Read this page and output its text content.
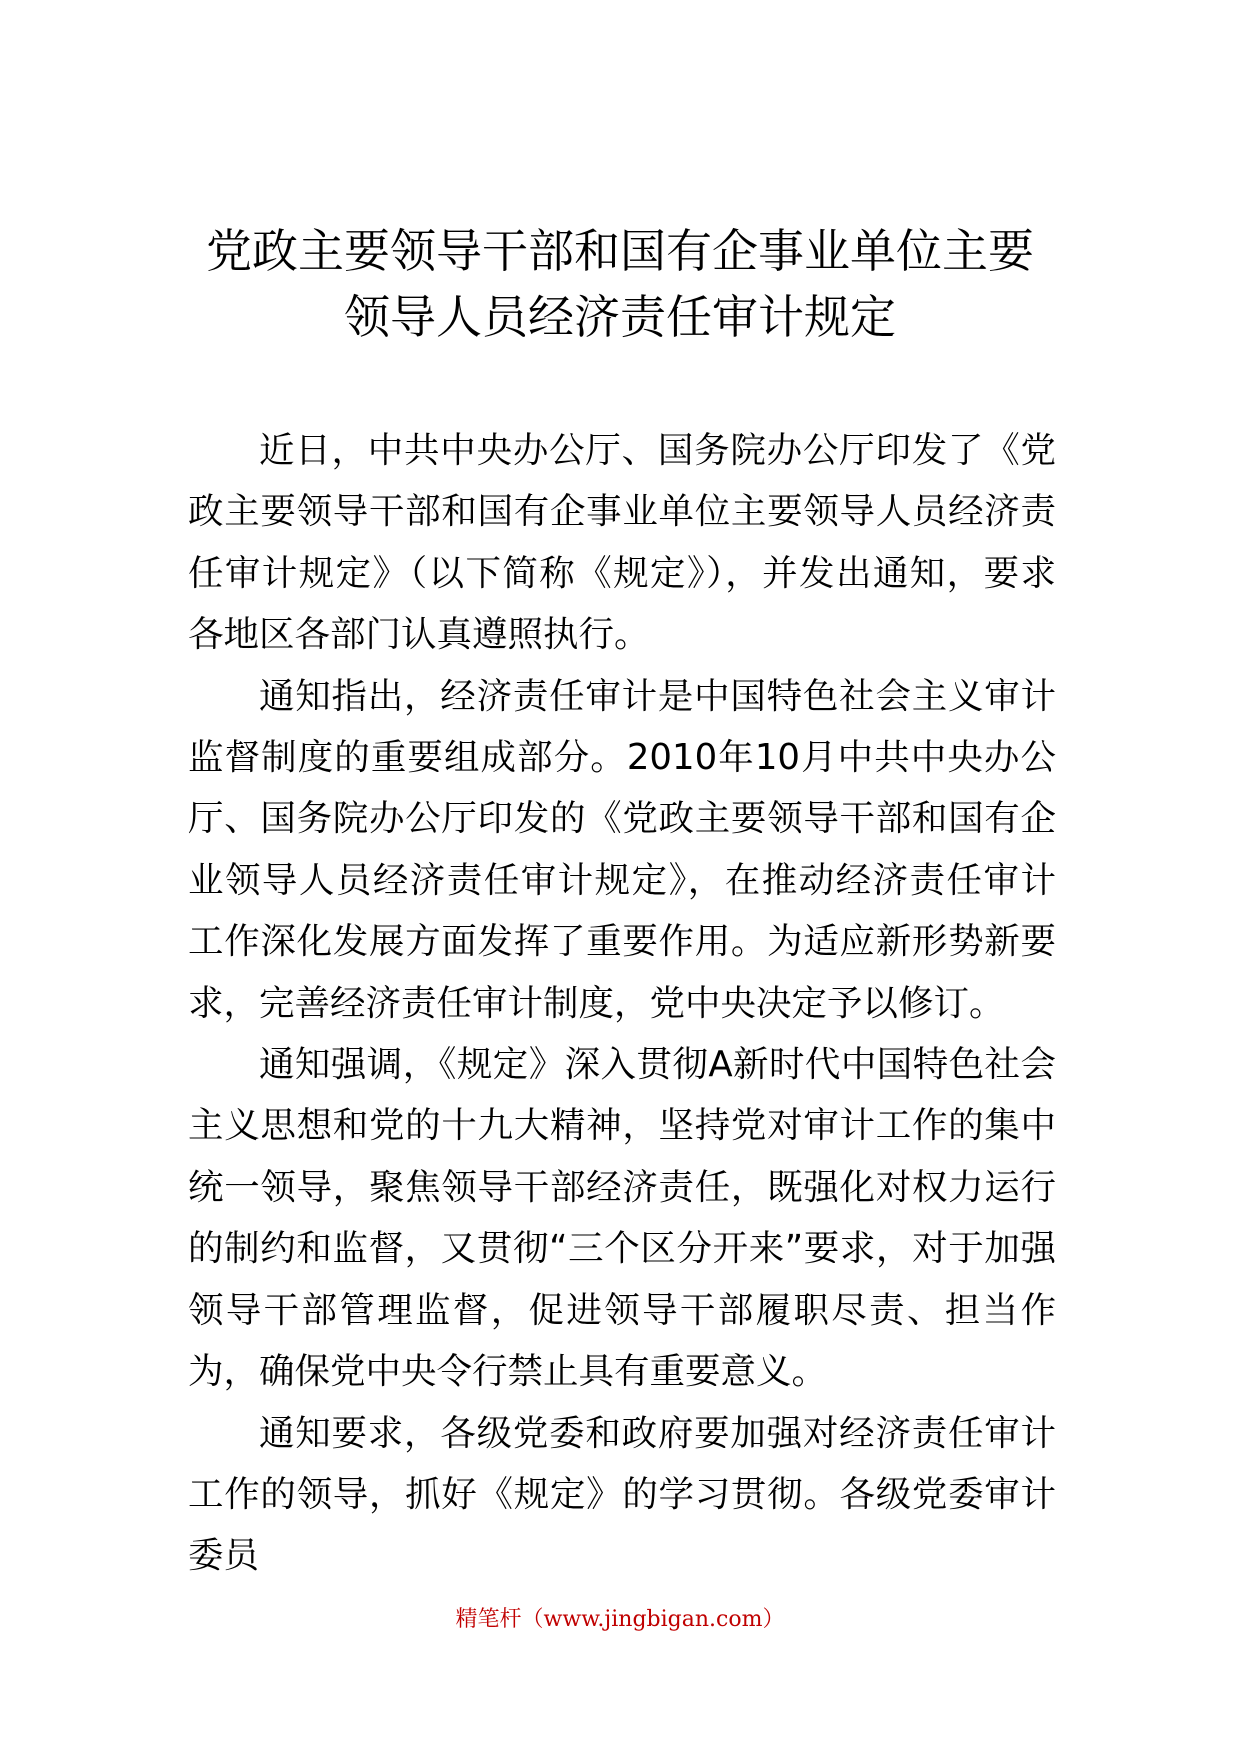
党政主要领导干部和国有企事业单位主要
领导人员经济责任审计规定

近日，中共中央办公厅、国务院办公厅印发了《党政主要领导干部和国有企事业单位主要领导人员经济责任审计规定》（以下简称《规定》），并发出通知，要求各地区各部门认真遵照执行。

通知指出，经济责任审计是中国特色社会主义审计监督制度的重要组成部分。2010年10月中共中央办公厅、国务院办公厅印发的《党政主要领导干部和国有企业领导人员经济责任审计规定》，在推动经济责任审计工作深化发展方面发挥了重要作用。为适应新形势新要求，完善经济责任审计制度，党中央决定予以修订。

通知强调，《规定》深入贯彻A新时代中国特色社会主义思想和党的十九大精神，坚持党对审计工作的集中统一领导，聚焦领导干部经济责任，既强化对权力运行的制约和监督，又贯彻“三个区分开来”要求，对于加强领导干部管理监督，促进领导干部履职尽责、担当作为，确保党中央令行禁止具有重要意义。

通知要求，各级党委和政府要加强对经济责任审计工作的领导，抓好《规定》的学习贯彻。各级党委审计委员

精笔杆（www.jingbigan.com）
